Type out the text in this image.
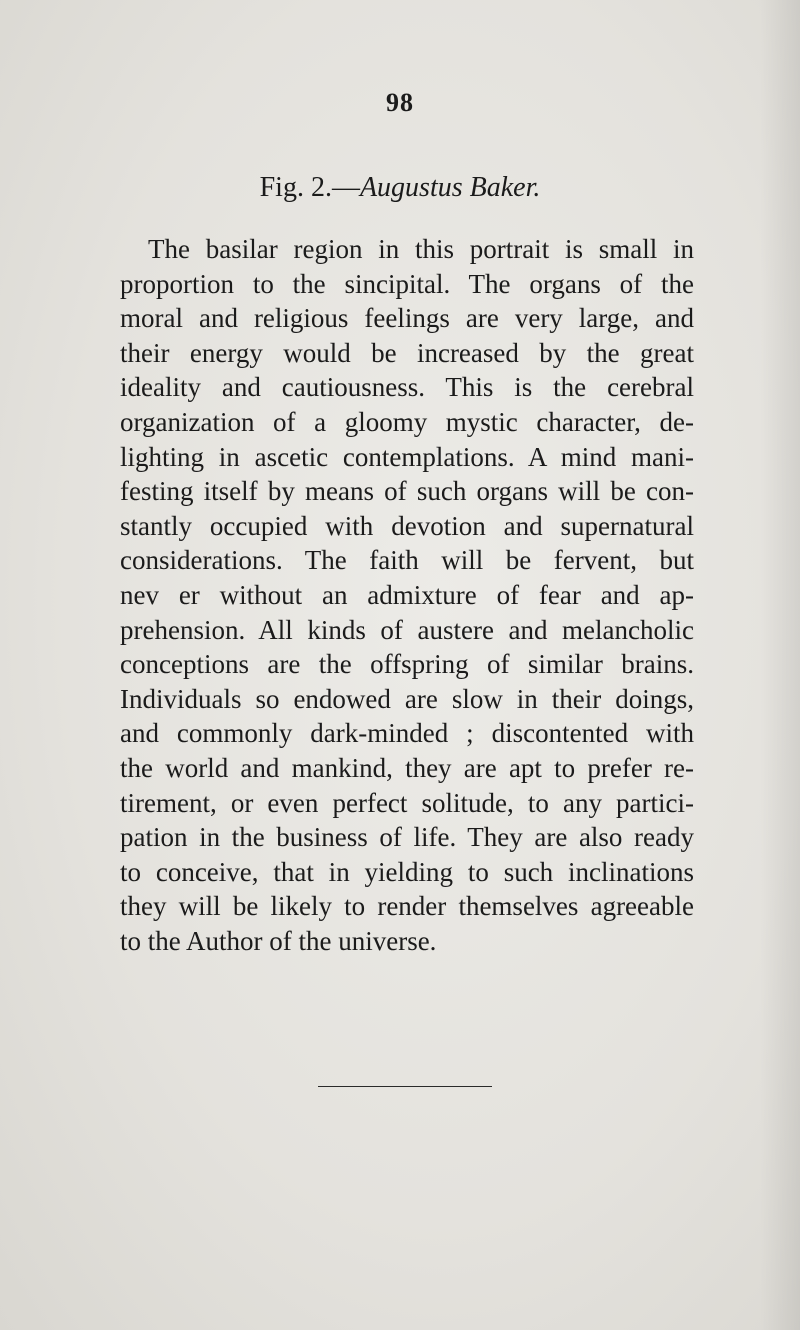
98
Fig. 2.—Augustus Baker.
The basilar region in this portrait is small in
proportion to the sincipital. The organs of the
moral and religious feelings are very large, and
their energy would be increased by the great
ideality and cautiousness. This is the cerebral
organization of a gloomy mystic character, de-
lighting in ascetic contemplations. A mind mani-
festing itself by means of such organs will be con-
stantly occupied with devotion and supernatural
considerations. The faith will be fervent, but
nev er without an admixture of fear and ap-
prehension. All kinds of austere and melancholic
conceptions are the offspring of similar brains.
Individuals so endowed are slow in their doings,
and commonly dark-minded ; discontented with
the world and mankind, they are apt to prefer re-
tirement, or even perfect solitude, to any partici-
pation in the business of life. They are also ready
to conceive, that in yielding to such inclinations
they will be likely to render themselves agreeable
to the Author of the universe.
